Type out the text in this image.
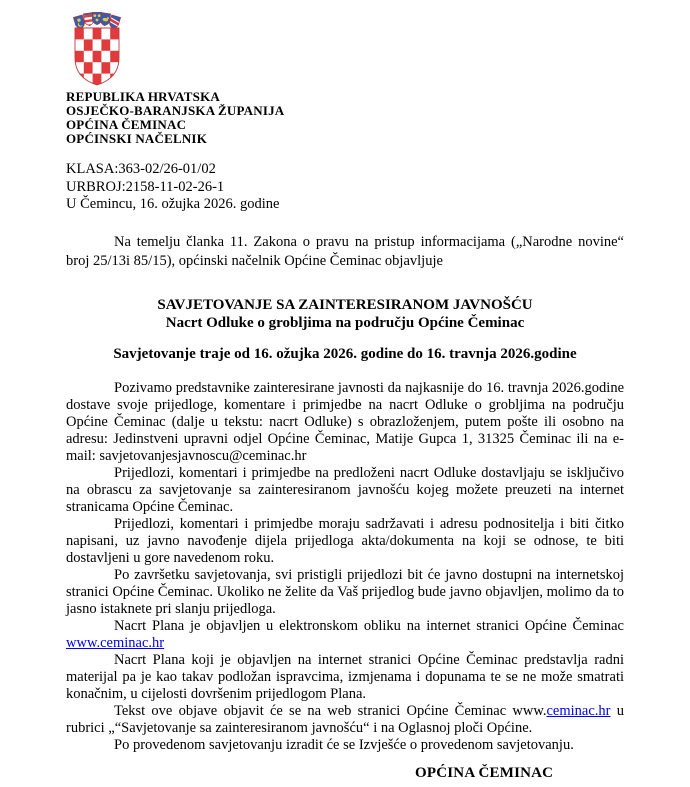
REPUBLIKA HRVATSKA
OSJEČKO-BARANJSKA ŽUPANIJA
OPĆINA ČEMINAC
OPĆINSKI NAČELNIK
KLASA:363-02/26-01/02
URBROJ:2158-11-02-26-1
U Čemincu, 16. ožujka 2026. godine

Na temelju članka 11. Zakona o pravu na pristup informacijama („Narodne novine“ broj 25/13i 85/15), općinski načelnik Općine Čeminac objavljuje

SAVJETOVANJE SA ZAINTERESIRANOM JAVNOŠĆU
Nacrt Odluke o grobljima na području Općine Čeminac
Savjetovanje traje od 16. ožujka 2026. godine do 16. travnja 2026.godine

Pozivamo predstavnike zainteresirane javnosti da najkasnije do 16. travnja 2026.godine dostave svoje prijedloge, komentare i primjedbe na nacrt Odluke o grobljima na području Općine Čeminac (dalje u tekstu: nacrt Odluke) s obrazloženjem, putem pošte ili osobno na adresu: Jedinstveni upravni odjel Općine Čeminac, Matije Gupca 1, 31325 Čeminac ili na e-mail: savjetovanjesjavnoscu@ceminac.hr

Prijedlozi, komentari i primjedbe na predloženi nacrt Odluke dostavljaju se isključivo na obrascu za savjetovanje sa zainteresiranom javnošću kojeg možete preuzeti na internet stranicama Općine Čeminac.

Prijedlozi, komentari i primjedbe moraju sadržavati i adresu podnositelja i biti čitko napisani, uz javno navođenje dijela prijedloga akta/dokumenta na koji se odnose, te biti dostavljeni u gore navedenom roku.

Po završetku savjetovanja, svi pristigli prijedlozi bit će javno dostupni na internetskoj stranici Općine Čeminac. Ukoliko ne želite da Vaš prijedlog bude javno objavljen, molimo da to jasno istaknete pri slanju prijedloga.

Nacrt Plana je objavljen u elektronskom obliku na internet stranici Općine Čeminac www.ceminac.hr

Nacrt Plana koji je objavljen na internet stranici Općine Čeminac predstavlja radni materijal pa je kao takav podložan ispravcima, izmjenama i dopunama te se ne može smatrati konačnim, u cijelosti dovršenim prijedlogom Plana.

Tekst ove objave objavit će se na web stranici Općine Čeminac www.ceminac.hr u rubrici „“Savjetovanje sa zainteresiranom javnošću“ i na Oglasnoj ploči Općine.

Po provedenom savjetovanju izradit će se Izvješće o provedenom savjetovanju.

OPĆINA ČEMINAC
